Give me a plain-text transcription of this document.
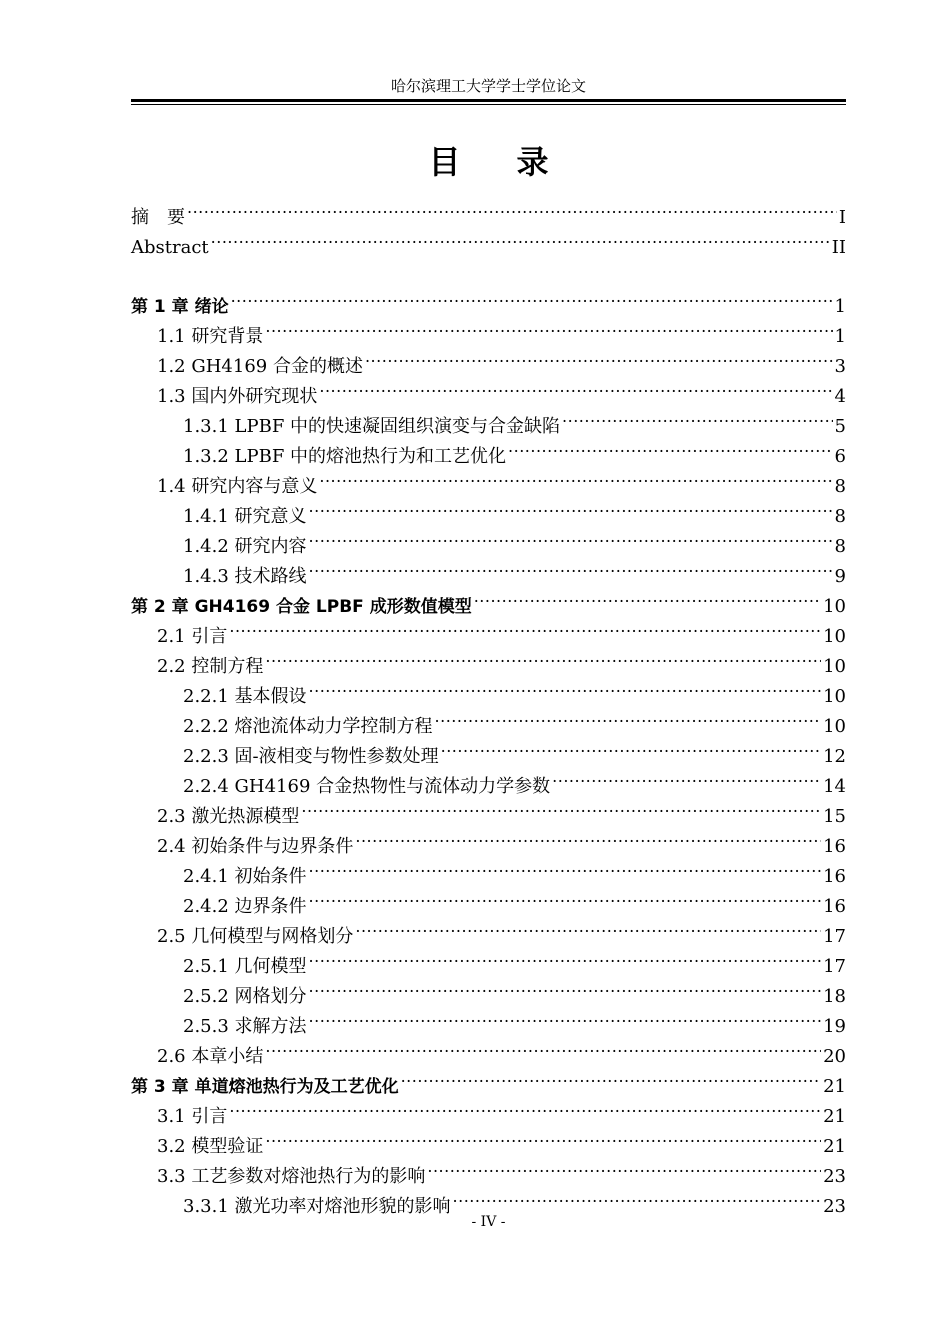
哈尔滨理工大学学士学位论文
目录
摘　要 .....	I
Abstract .....	II
第 1 章 绪论 .....	1
1.1 研究背景 .....	1
1.2 GH4169 合金的概述 .....	3
1.3 国内外研究现状 .....	4
1.3.1 LPBF 中的快速凝固组织演变与合金缺陷 .....	5
1.3.2 LPBF 中的熔池热行为和工艺优化 .....	6
1.4 研究内容与意义 .....	8
1.4.1 研究意义 .....	8
1.4.2 研究内容 .....	8
1.4.3 技术路线 .....	9
第 2 章 GH4169 合金 LPBF 成形数值模型 .....	10
2.1 引言 .....	10
2.2 控制方程 .....	10
2.2.1 基本假设 .....	10
2.2.2 熔池流体动力学控制方程 .....	10
2.2.3 固-液相变与物性参数处理 .....	12
2.2.4 GH4169 合金热物性与流体动力学参数 .....	14
2.3 激光热源模型 .....	15
2.4 初始条件与边界条件 .....	16
2.4.1 初始条件 .....	16
2.4.2 边界条件 .....	16
2.5 几何模型与网格划分 .....	17
2.5.1 几何模型 .....	17
2.5.2 网格划分 .....	18
2.5.3 求解方法 .....	19
2.6 本章小结 .....	20
第 3 章 单道熔池热行为及工艺优化 .....	21
3.1 引言 .....	21
3.2 模型验证 .....	21
3.3 工艺参数对熔池热行为的影响 .....	23
3.3.1 激光功率对熔池形貌的影响 .....	23
- IV -
